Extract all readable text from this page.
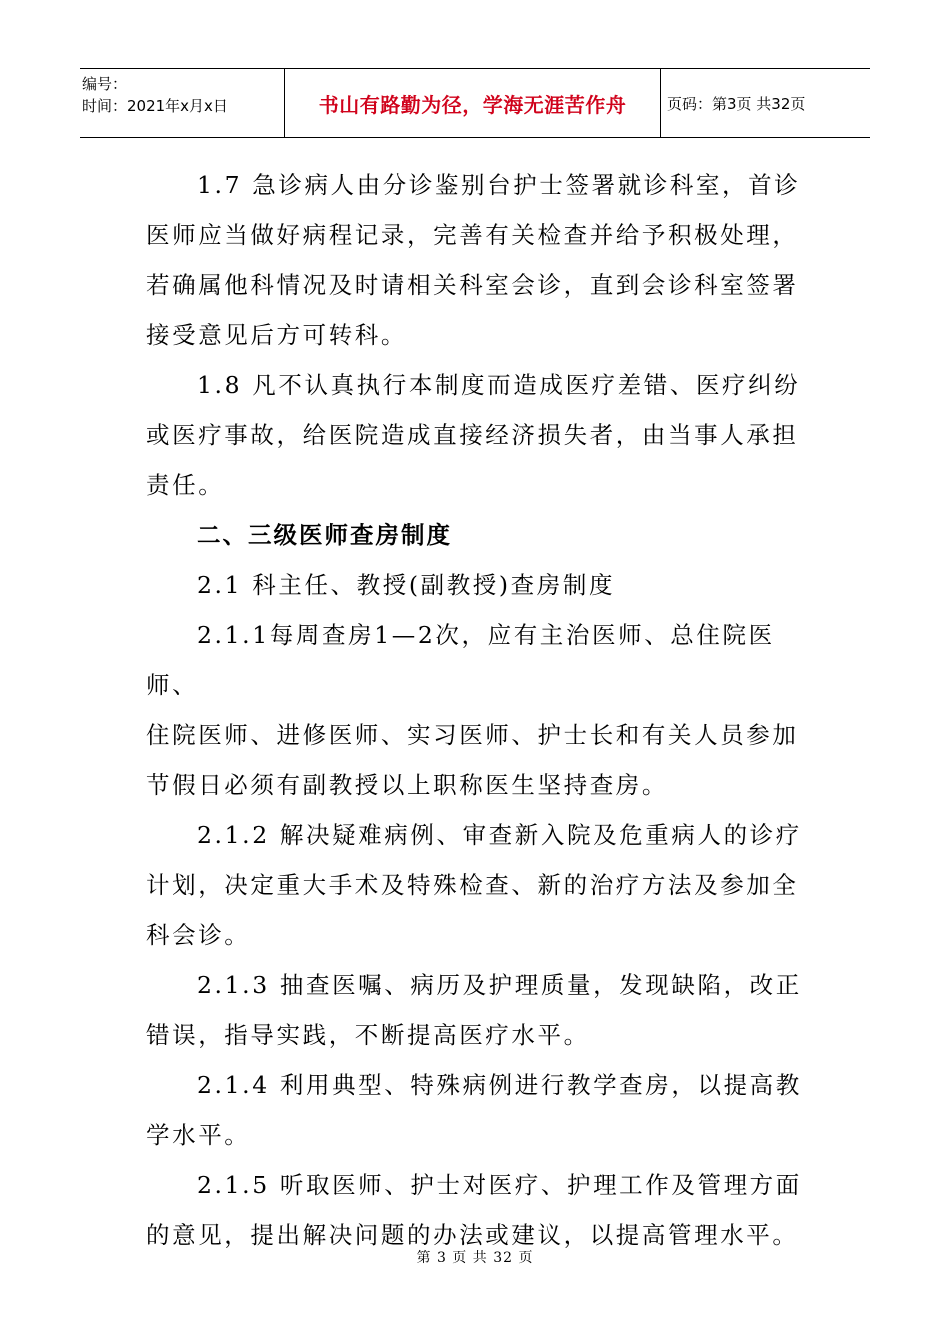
编号：
时间：2021年x月x日	书山有路勤为径，学海无涯苦作舟	页码：第3页 共32页

1.7 急诊病人由分诊鉴别台护士签署就诊科室，首诊

医师应当做好病程记录，完善有关检查并给予积极处理，

若确属他科情况及时请相关科室会诊，直到会诊科室签署

接受意见后方可转科。

1.8 凡不认真执行本制度而造成医疗差错、医疗纠纷

或医疗事故，给医院造成直接经济损失者，由当事人承担

责任。

二、三级医师查房制度

2.1 科主任、教授(副教授)查房制度

2.1.1每周查房1—2次，应有主治医师、总住院医师、

住院医师、进修医师、实习医师、护士长和有关人员参加

节假日必须有副教授以上职称医生坚持查房。

2.1.2 解决疑难病例、审查新入院及危重病人的诊疗

计划，决定重大手术及特殊检查、新的治疗方法及参加全

科会诊。

2.1.3 抽查医嘱、病历及护理质量，发现缺陷，改正

错误，指导实践，不断提高医疗水平。

2.1.4 利用典型、特殊病例进行教学查房，以提高教

学水平。

2.1.5 听取医师、护士对医疗、护理工作及管理方面

的意见，提出解决问题的办法或建议，以提高管理水平。

第 3 页 共 32 页
